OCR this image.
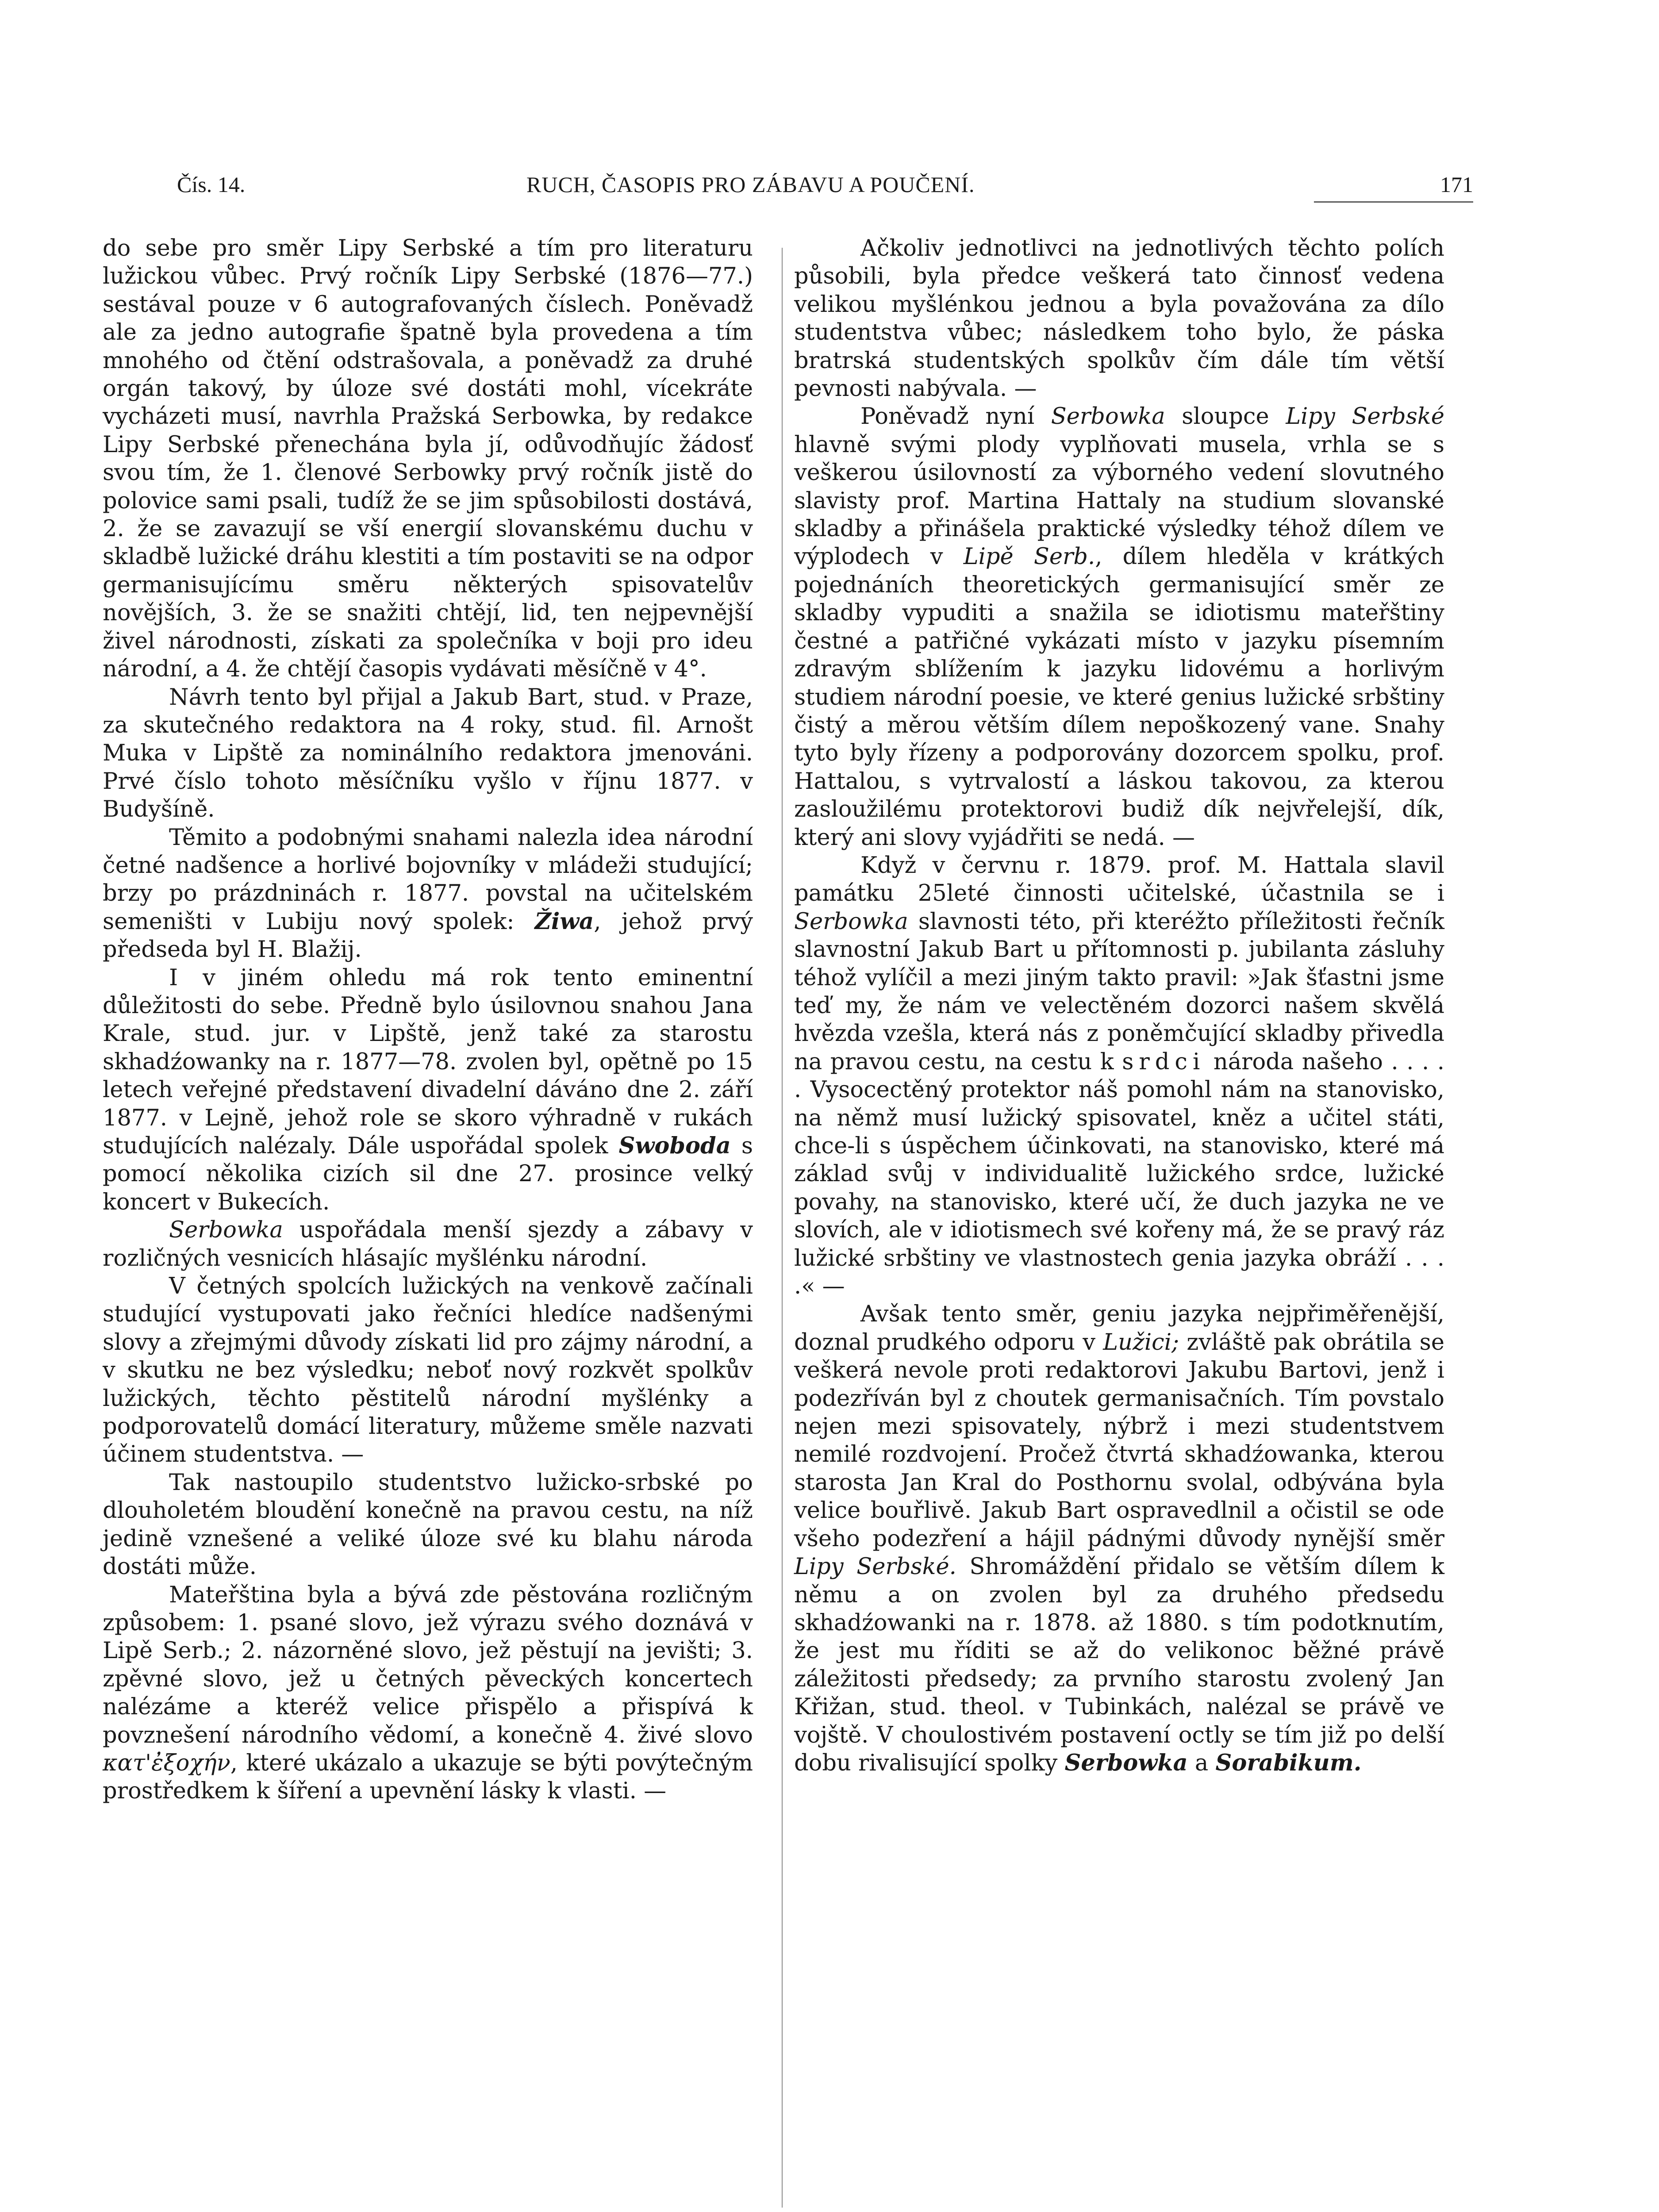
Čís. 14.	RUCH, ČASOPIS PRO ZÁBAVU A POUČENÍ.	171

do sebe pro směr Lipy Serbské a tím pro literaturu lužickou vůbec. Prvý ročník Lipy Serbské (1876—77.) sestával pouze v 6 autografovaných číslech. Poněvadž ale za jedno autografie špatně byla provedena a tím mnohého od čtění odstrašovala, a poněvadž za druhé orgán takový, by úloze své dostáti mohl, vícekráte vycházeti musí, navrhla Pražská Serbowka, by redakce Lipy Serbské přenechána byla jí, odůvodňujíc žádosť svou tím, že 1. členové Serbowky prvý ročník jistě do polovice sami psali, tudíž že se jim spůsobilosti dostává, 2. že se zavazují se vší energií slovanskému duchu v skladbě lužické dráhu klestiti a tím postaviti se na odpor germanisujícímu směru některých spisovatelův novějších, 3. že se snažiti chtějí, lid, ten nejpevnější živel národnosti, získati za společníka v boji pro ideu národní, a 4. že chtějí časopis vydávati měsíčně v 4°.

Návrh tento byl přijal a Jakub Bart, stud. v Praze, za skutečného redaktora na 4 roky, stud. fil. Arnošt Muka v Lipště za nominálního redaktora jmenováni. Prvé číslo tohoto měsíčníku vyšlo v říjnu 1877. v Budyšíně.

Těmito a podobnými snahami nalezla idea národní četné nadšence a horlivé bojovníky v mládeži studující; brzy po prázdninách r. 1877. povstal na učitelském semeništi v Lubiju nový spolek: Žiwa, jehož prvý předseda byl H. Blažij.

I v jiném ohledu má rok tento eminentní důležitosti do sebe. Předně bylo úsilovnou snahou Jana Krale, stud. jur. v Lipště, jenž také za starostu skhadźowanky na r. 1877—78. zvolen byl, opětně po 15 letech veřejné představení divadelní dáváno dne 2. září 1877. v Lejně, jehož role se skoro výhradně v rukách studujících nalézaly. Dále uspořádal spolek Swoboda s pomocí několika cizích sil dne 27. prosince velký koncert v Bukecích.

Serbowka uspořádala menší sjezdy a zábavy v rozličných vesnicích hlásajíc myšlénku národní.

V četných spolcích lužických na venkově začínali studující vystupovati jako řečníci hledíce nadšenými slovy a zřejmými důvody získati lid pro zájmy národní, a v skutku ne bez výsledku; neboť nový rozkvět spolkův lužických, těchto pěstitelů národní myšlénky a podporovatelů domácí literatury, můžeme směle nazvati účinem studentstva. —

Tak nastoupilo studentstvo lužicko-srbské po dlouholetém bloudění konečně na pravou cestu, na níž jedině vznešené a veliké úloze své ku blahu národa dostáti může.

Mateřština byla a bývá zde pěstována rozličným způsobem: 1. psané slovo, jež výrazu svého doznává v Lipě Serb.; 2. názorněné slovo, jež pěstují na jevišti; 3. zpěvné slovo, jež u četných pěveckých koncertech nalézáme a kteréž velice přispělo a přispívá k povznešení národního vědomí, a konečně 4. živé slovo κατ'ἐξοχήν, které ukázalo a ukazuje se býti povýtečným prostředkem k šíření a upevnění lásky k vlasti. —

Ačkoliv jednotlivci na jednotlivých těchto polích působili, byla předce veškerá tato činnosť vedena velikou myšlénkou jednou a byla považována za dílo studentstva vůbec; následkem toho bylo, že páska bratrská studentských spolkův čím dále tím větší pevnosti nabývala. —

Poněvadž nyní Serbowka sloupce Lipy Serbské hlavně svými plody vyplňovati musela, vrhla se s veškerou úsilovností za výborného vedení slovutného slavisty prof. Martina Hattaly na studium slovanské skladby a přinášela praktické výsledky téhož dílem ve výplodech v Lipě Serb., dílem hleděla v krátkých pojednáních theoretických germanisující směr ze skladby vypuditi a snažila se idiotismu mateřštiny čestné a patřičné vykázati místo v jazyku písemním zdravým sblížením k jazyku lidovému a horlivým studiem národní poesie, ve které genius lužické srbštiny čistý a měrou větším dílem nepoškozený vane. Snahy tyto byly řízeny a podporovány dozorcem spolku, prof. Hattalou, s vytrvalostí a láskou takovou, za kterou zasloužilému protektorovi budiž dík nejvřelejší, dík, který ani slovy vyjádřiti se nedá. —

Když v červnu r. 1879. prof. M. Hattala slavil památku 25leté činnosti učitelské, účastnila se i Serbowka slavnosti této, při kteréžto příležitosti řečník slavnostní Jakub Bart u přítomnosti p. jubilanta zásluhy téhož vylíčil a mezi jiným takto pravil: »Jak šťastni jsme teď my, že nám ve velectěném dozorci našem skvělá hvězda vzešla, která nás z poněmčující skladby přivedla na pravou cestu, na cestu k srdci národa našeho . . . . . Vysocectěný protektor náš pomohl nám na stanovisko, na němž musí lužický spisovatel, kněz a učitel státi, chce-li s úspěchem účinkovati, na stanovisko, které má základ svůj v individualitě lužického srdce, lužické povahy, na stanovisko, které učí, že duch jazyka ne ve slovích, ale v idiotismech své kořeny má, že se pravý ráz lužické srbštiny ve vlastnostech genia jazyka obráží . . . .« —

Avšak tento směr, geniu jazyka nejpřiměřenější, doznal prudkého odporu v Lužici; zvláště pak obrátila se veškerá nevole proti redaktorovi Jakubu Bartovi, jenž i podezříván byl z choutek germanisačních. Tím povstalo nejen mezi spisovately, nýbrž i mezi studentstvem nemilé rozdvojení. Pročež čtvrtá skhadźowanka, kterou starosta Jan Kral do Posthornu svolal, odbývána byla velice bouřlivě. Jakub Bart ospravedlnil a očistil se ode všeho podezření a hájil pádnými důvody nynější směr Lipy Serbské. Shromáždění přidalo se větším dílem k němu a on zvolen byl za druhého předsedu skhadźowanki na r. 1878. až 1880. s tím podotknutím, že jest mu říditi se až do velikonoc běžné právě záležitosti předsedy; za prvního starostu zvolený Jan Křižan, stud. theol. v Tubinkách, nalézal se právě ve vojště. V choulostivém postavení octly se tím již po delší dobu rivalisující spolky Serbowka a Sorabikum.
